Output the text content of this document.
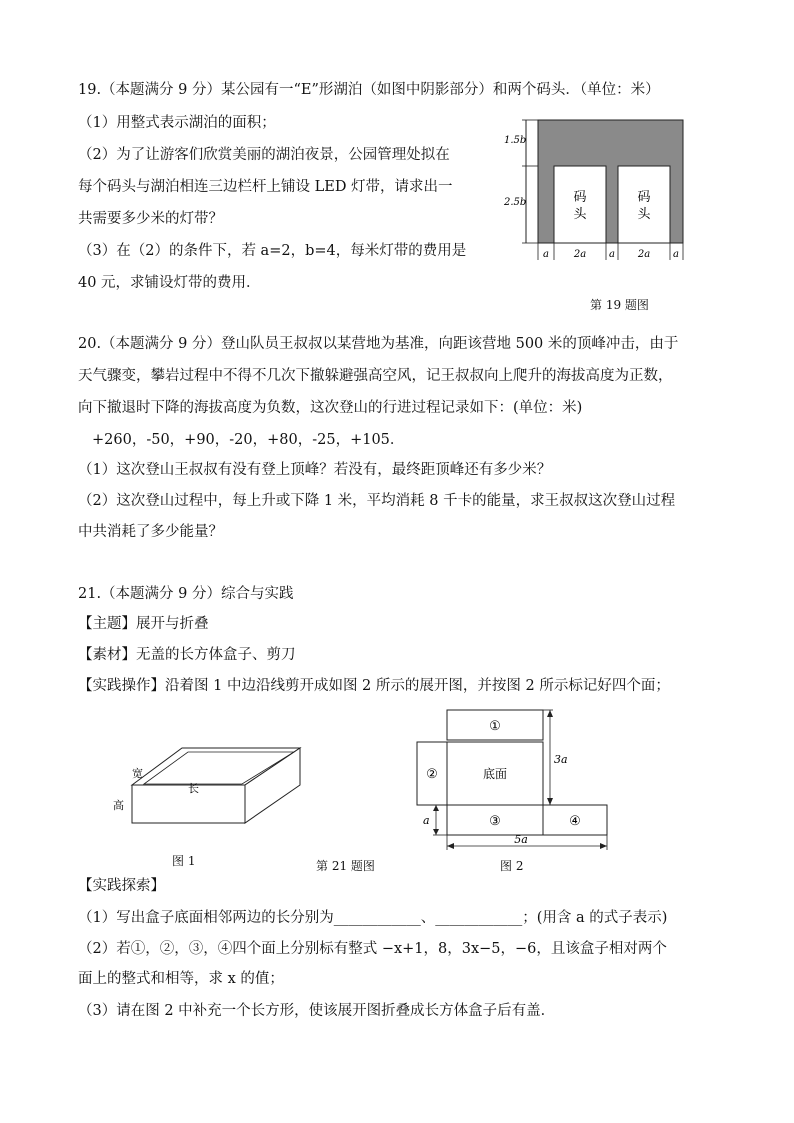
19.（本题满分 9 分）某公园有一“E”形湖泊（如图中阴影部分）和两个码头．（单位：米）
（1）用整式表示湖泊的面积；
（2）为了让游客们欣赏美丽的湖泊夜景，公园管理处拟在
每个码头与湖泊相连三边栏杆上铺设 LED 灯带，请求出一
共需要多少米的灯带？
（3）在（2）的条件下，若 a=2，b=4，每米灯带的费用是
40 元，求铺设灯带的费用．
码
头
码
头
1.5b
2.5b
a 2a a 2a a
第 19 题图
20.（本题满分 9 分）登山队员王叔叔以某营地为基准，向距该营地 500 米的顶峰冲击，由于
天气骤变，攀岩过程中不得不几次下撤躲避强高空风，记王叔叔向上爬升的海拔高度为正数，
向下撤退时下降的海拔高度为负数，这次登山的行进过程记录如下：(单位：米)
+260，-50，+90，-20，+80，-25，+105．
（1）这次登山王叔叔有没有登上顶峰？若没有，最终距顶峰还有多少米？
（2）这次登山过程中，每上升或下降 1 米，平均消耗 8 千卡的能量，求王叔叔这次登山过程
中共消耗了多少能量？
21.（本题满分 9 分）综合与实践
【主题】展开与折叠
【素材】无盖的长方体盒子、剪刀
【实践操作】沿着图 1 中边沿线剪开成如图 2 所示的展开图，并按图 2 所示标记好四个面；
宽
长
高
图 1	第 21 题图
①
②	底面
③	④
3a
a
5a
图 2
【实践探索】
（1）写出盒子底面相邻两边的长分别为____________、____________；(用含 a 的式子表示)
（2）若①，②，③，④四个面上分别标有整式 −x+1，8，3x−5，−6，且该盒子相对两个
面上的整式和相等，求 x 的值；
（3）请在图 2 中补充一个长方形，使该展开图折叠成长方体盒子后有盖．
